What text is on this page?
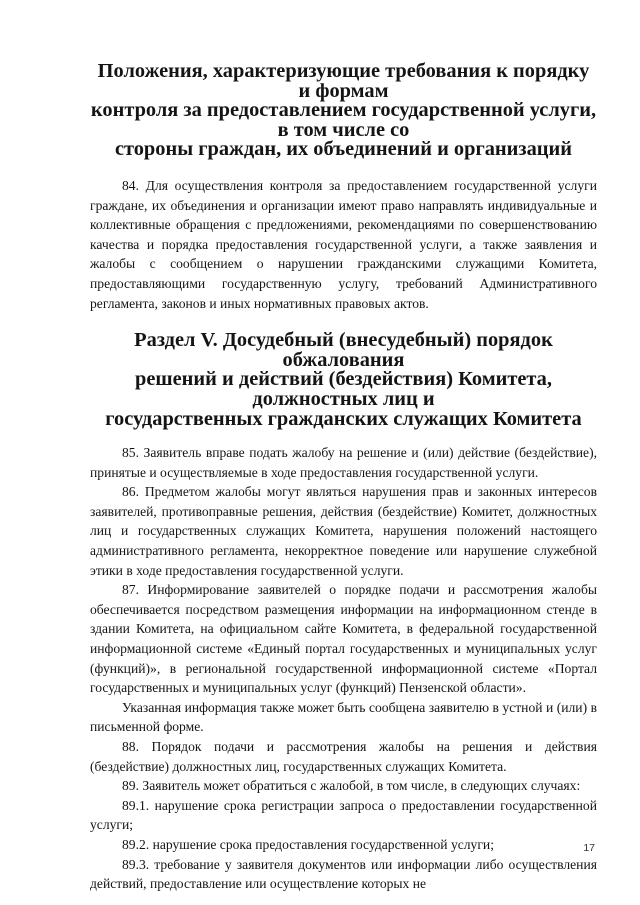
Положения, характеризующие требования к порядку и формам
контроля за предоставлением государственной услуги, в том числе со
стороны граждан, их объединений и организаций

84. Для осуществления контроля за предоставлением государственной услуги граждане, их объединения и организации имеют право направлять индивидуальные и коллективные обращения с предложениями, рекомендациями по совершенствованию качества и порядка предоставления государственной услуги, а также заявления и жалобы с сообщением о нарушении гражданскими служащими Комитета, предоставляющими государственную услугу, требований Административного регламента, законов и иных нормативных правовых актов.

Раздел V. Досудебный (внесудебный) порядок обжалования
решений и действий (бездействия) Комитета, должностных лиц и
государственных гражданских служащих Комитета

85. Заявитель вправе подать жалобу на решение и (или) действие (бездействие), принятые и осуществляемые в ходе предоставления государственной услуги.

86. Предметом жалобы могут являться нарушения прав и законных интересов заявителей, противоправные решения, действия (бездействие) Комитет, должностных лиц и государственных служащих Комитета, нарушения положений настоящего административного регламента, некорректное поведение или нарушение служебной этики в ходе предоставления государственной услуги.

87. Информирование заявителей о порядке подачи и рассмотрения жалобы обеспечивается посредством размещения информации на информационном стенде в здании Комитета, на официальном сайте Комитета, в федеральной государственной информационной системе «Единый портал государственных и муниципальных услуг (функций)», в региональной государственной информационной системе «Портал государственных и муниципальных услуг (функций) Пензенской области».

Указанная информация также может быть сообщена заявителю в устной и (или) в письменной форме.

88. Порядок подачи и рассмотрения жалобы на решения и действия (бездействие) должностных лиц, государственных служащих Комитета.

89. Заявитель может обратиться с жалобой, в том числе, в следующих случаях:

89.1. нарушение срока регистрации запроса о предоставлении государственной услуги;

89.2. нарушение срока предоставления государственной услуги;

89.3. требование у заявителя документов или информации либо осуществления действий, предоставление или осуществление которых не

17
